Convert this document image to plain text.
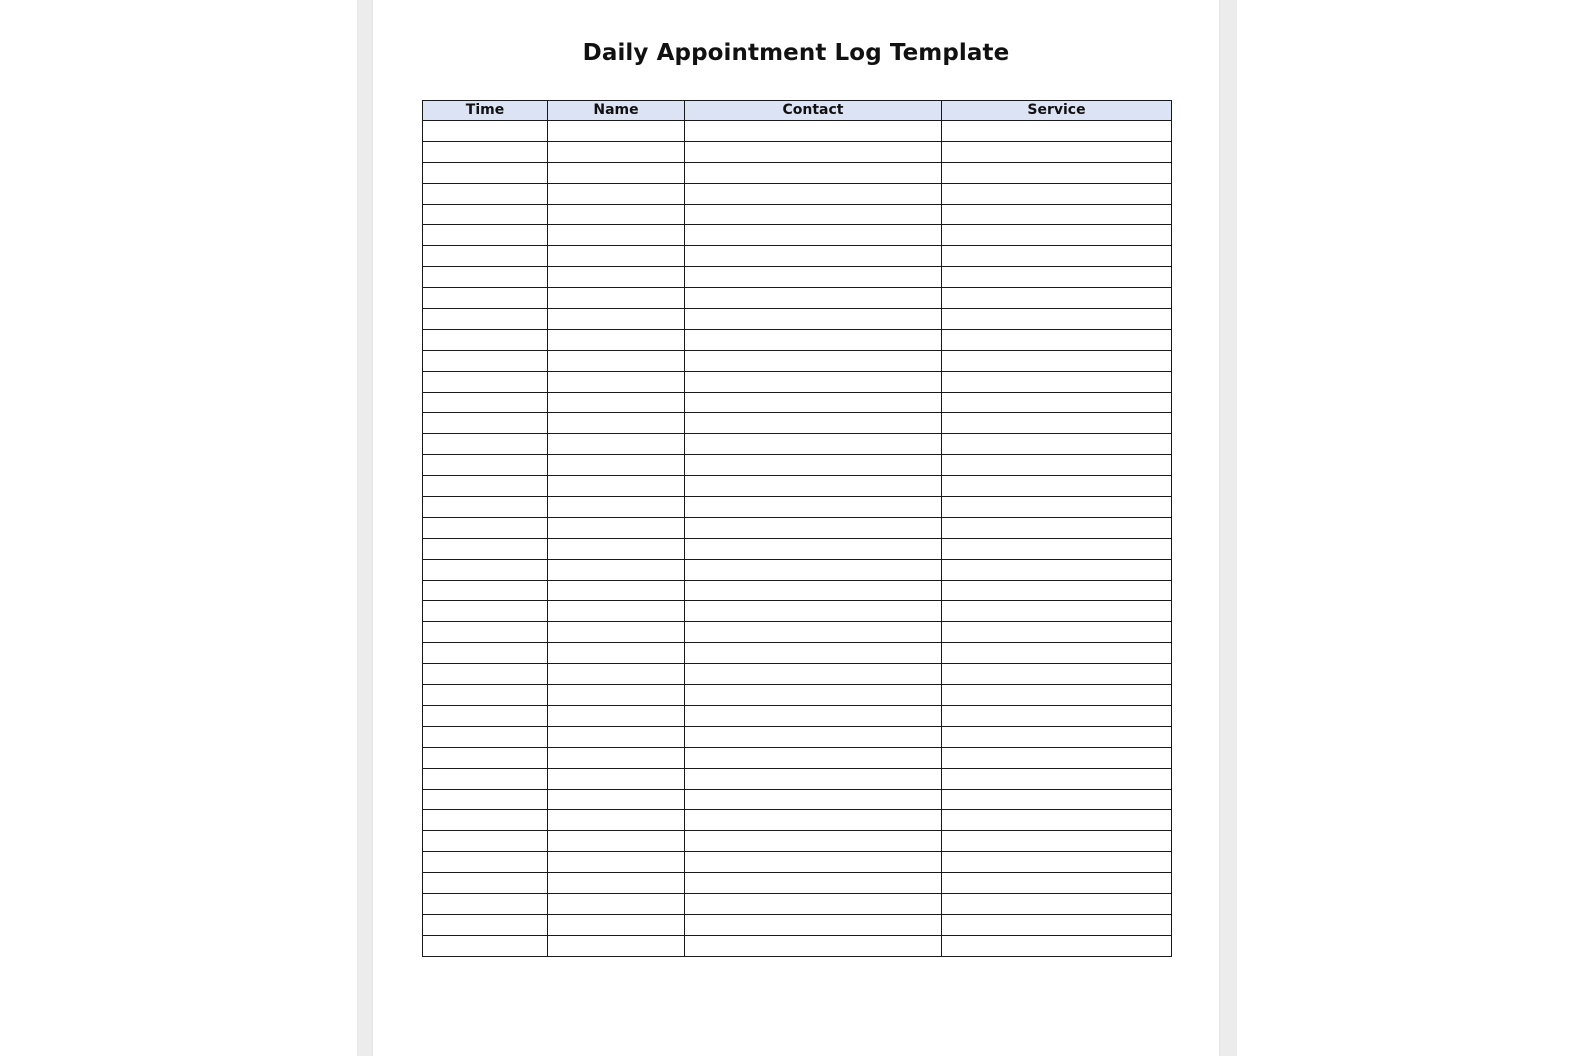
Daily Appointment Log Template
Time	Name	Contact	Service
